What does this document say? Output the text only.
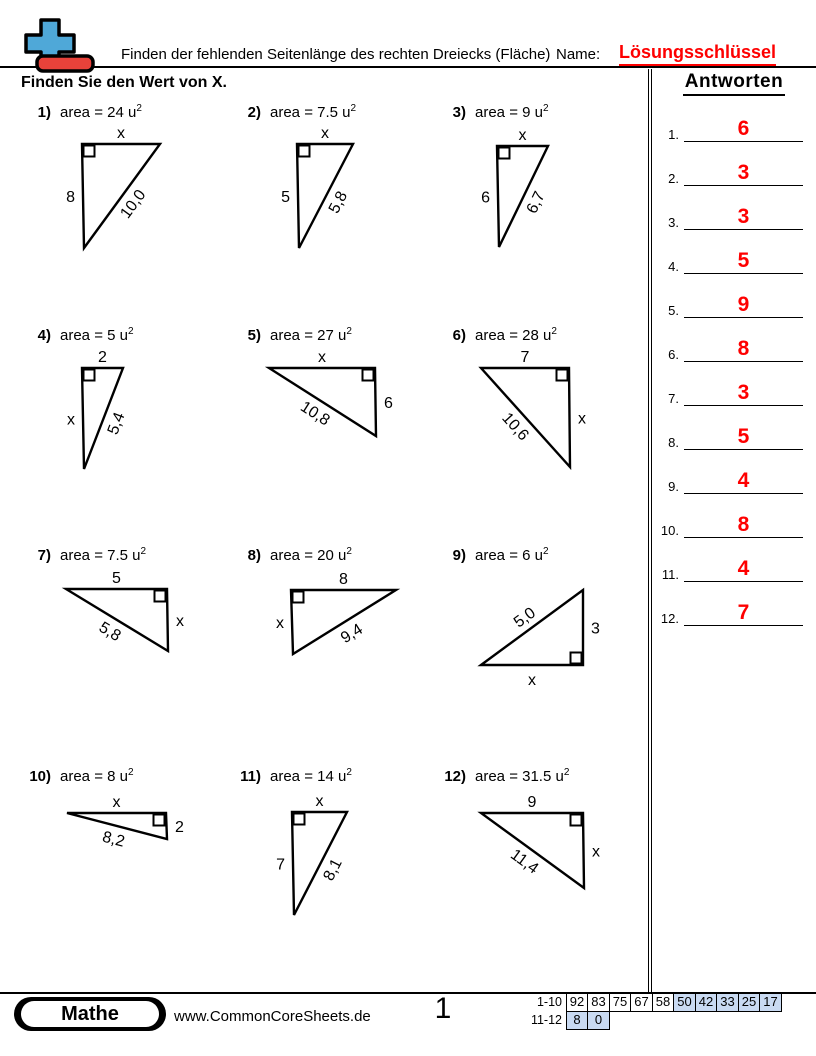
Finden der fehlenden Seitenlänge des rechten Dreiecks (Fläche) Name: Lösungsschlüssel
Finden Sie den Wert von X.	Antworten
1.	6
2.	3
3.	3
4.	5
5.	9
6.	8
7.	3
8.	5
9.	4
10.	8
11.	4
12.	7
1) area = 24 $u^2$
x
8	10,0
2) area = 7.5 $u^2$
x
5 5,8
3) area = 9 $u^2$
x
6 6,7
4) area = 5 $u^2$
2
x 5,4
5) area = 27 $u^2$
x
6
10,8
6) area = 28 $u^2$
7
x
10,6
7) area = 7.5 $u^2$
5
x
5,8
8) area = 20 $u^2$
8
x	9,4
9) area = 6 $u^2$
x
3
5,0
10) area = 8 $u^2$
x
2
8,2
11) area = 14 $u^2$
x
7 8,1
12) area = 31.5 $u^2$
9
x
11,4
Mathe	www.CommonCoreSheets.de	1	1-10 92 83 75 67 58 50 42 33 25 17
11-12 8	0
